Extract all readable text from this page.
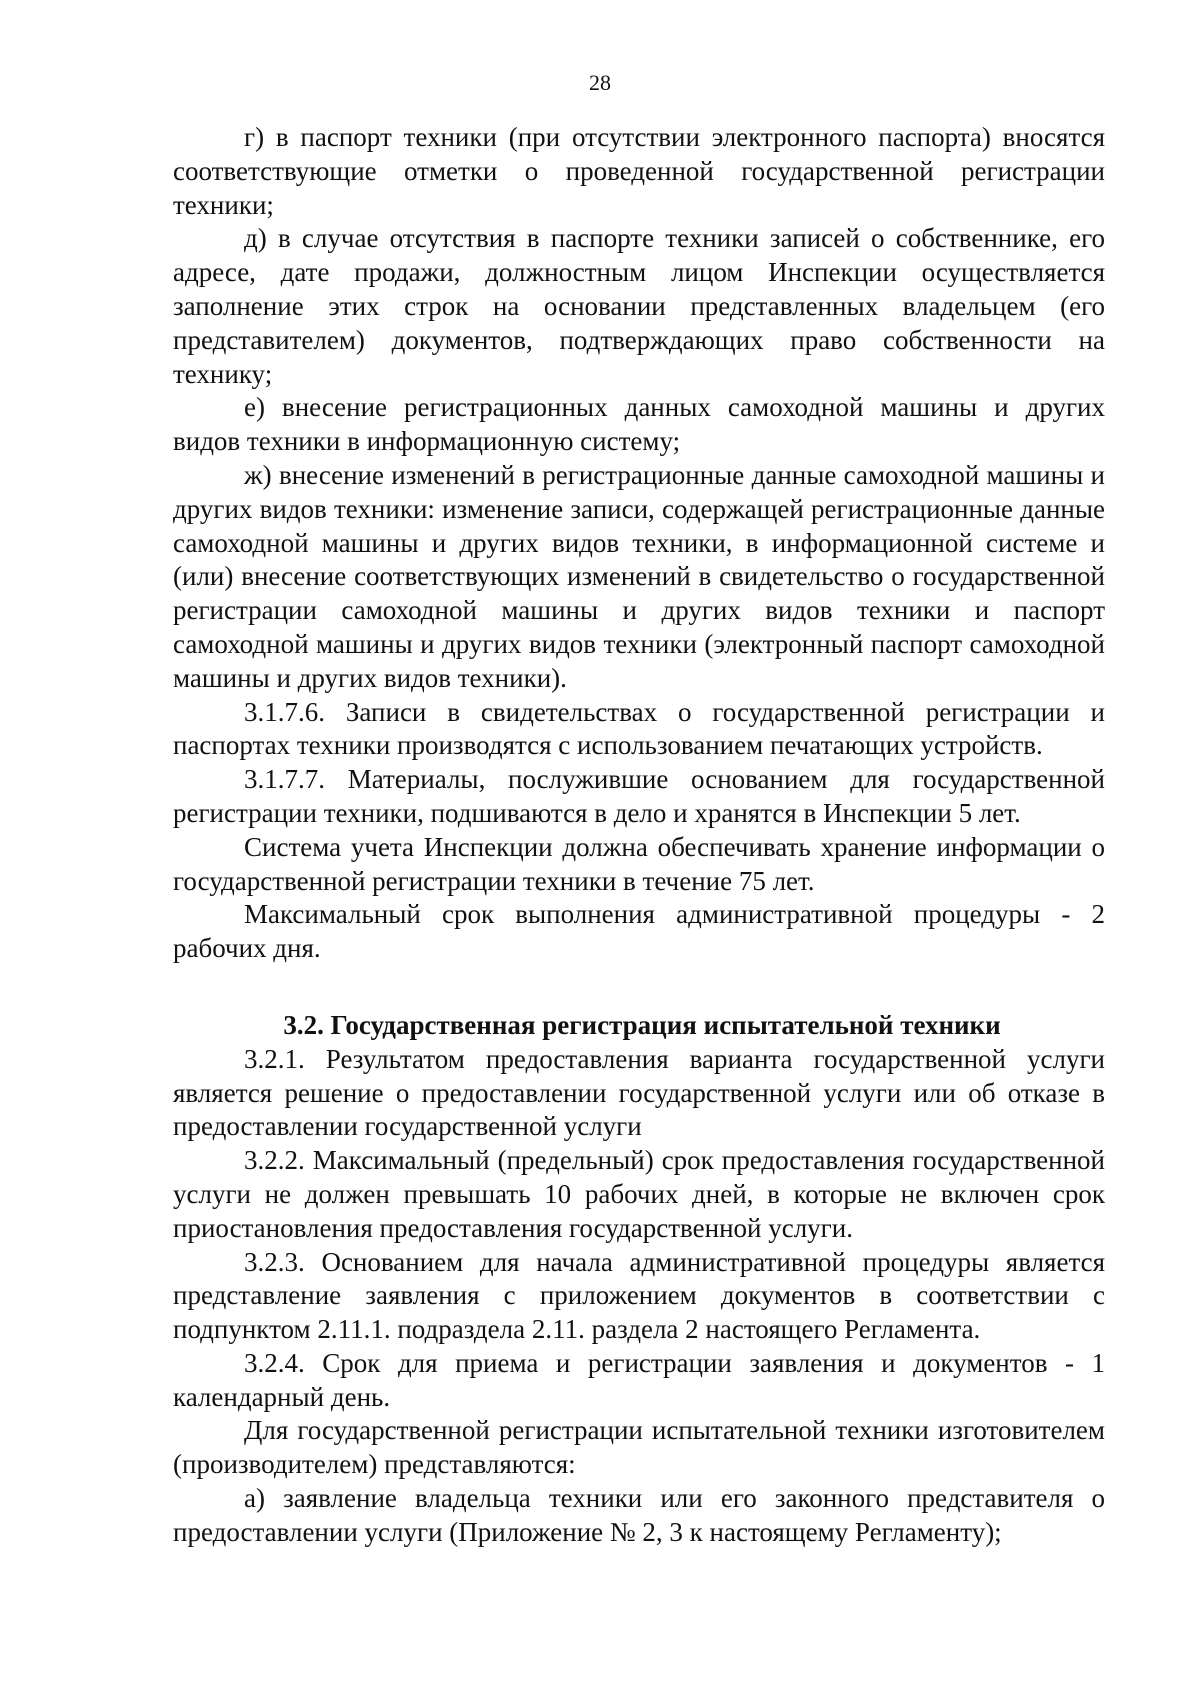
28

г) в паспорт техники (при отсутствии электронного паспорта) вносятся соответствующие отметки о проведенной государственной регистрации техники;

д) в случае отсутствия в паспорте техники записей о собственнике, его адресе, дате продажи, должностным лицом Инспекции осуществляется заполнение этих строк на основании представленных владельцем (его представителем) документов, подтверждающих право собственности на технику;

е) внесение регистрационных данных самоходной машины и других видов техники в информационную систему;

ж) внесение изменений в регистрационные данные самоходной машины и других видов техники: изменение записи, содержащей регистрационные данные самоходной машины и других видов техники, в информационной системе и (или) внесение соответствующих изменений в свидетельство о государственной регистрации самоходной машины и других видов техники и паспорт самоходной машины и других видов техники (электронный паспорт самоходной машины и других видов техники).

3.1.7.6. Записи в свидетельствах о государственной регистрации и паспортах техники производятся с использованием печатающих устройств.

3.1.7.7. Материалы, послужившие основанием для государственной регистрации техники, подшиваются в дело и хранятся в Инспекции 5 лет.

Система учета Инспекции должна обеспечивать хранение информации о государственной регистрации техники в течение 75 лет.

Максимальный срок выполнения административной процедуры - 2 рабочих дня.

3.2. Государственная регистрация испытательной техники

3.2.1. Результатом предоставления варианта государственной услуги является решение о предоставлении государственной услуги или об отказе в предоставлении государственной услуги

3.2.2. Максимальный (предельный) срок предоставления государственной услуги не должен превышать 10 рабочих дней, в которые не включен срок приостановления предоставления государственной услуги.

3.2.3. Основанием для начала административной процедуры является представление заявления с приложением документов в соответствии с подпунктом 2.11.1. подраздела 2.11. раздела 2 настоящего Регламента.

3.2.4. Срок для приема и регистрации заявления и документов - 1 календарный день.

Для государственной регистрации испытательной техники изготовителем (производителем) представляются:

а) заявление владельца техники или его законного представителя о предоставлении услуги (Приложение № 2, 3 к настоящему Регламенту);
